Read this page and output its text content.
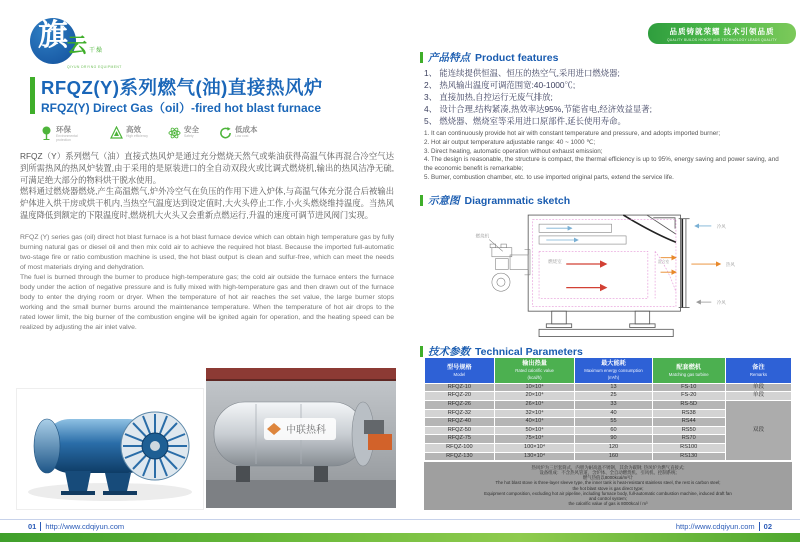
旗 云 干燥
QIYUN DRYING EQUIPMENT
品质铸就荣耀 技术引领品质
QUALITY BUILDS HONOR AND TECHNOLOGY LEADS QUALITY
RFQZ(Y)系列燃气(油)直接热风炉
RFQZ(Y) Direct Gas（oil）-fired hot blast furnace
环保
Environmental protection
高效
High efficiency
安全
Safety
低成本
Low cost

RFQZ（Y）系列燃气（油）直接式热风炉是通过充分燃烧天然气或柴油获得高温气体再混合冷空气达到所需热风的热风炉装置,由于采用的是原装进口的全自动双段火或比调式燃烧机,输出的热风洁净无硫,可满足绝大部分的物料烘干脱水使用。

燃料通过燃烧器燃烧,产生高温燃气,炉外冷空气在负压的作用下进入炉体,与高温气体充分混合后被输出炉体进入烘干房或烘干机内,当热空气温度达到设定值时,大火头停止工作,小火头燃烧维持温度。当热风温度降低到额定的下限温度时,燃烧机大火头又会重新点燃运行,升温的速度可调节进风阀门实现。

RFQZ (Y) series gas (oil) direct hot blast furnace is a hot blast furnace device which can obtain high temperature gas by fully burning natural gas or diesel oil and then mix cold air to achieve the required hot blast. Because the imported full-automatic two-stage fire or ratio combustion machine is used, the hot blast output is clean and sulfur-free, which can meet the needs of most materials drying and dehydration.

The fuel is burned through the burner to produce high-temperature gas; the cold air outside the furnace enters the furnace body under the action of negative pressure and is fully mixed with high-temperature gas and then drawn out of the furnace body to enter the drying room or dryer. When the temperature of hot air reaches the set value, the large burner stops working and the small burner burns around the maintenance temperature. When the temperature of hot air drops to the rated lower limit, the big burner of the combustion engine will be ignited again for operation, and the heating speed can be realized by adjusting the air inlet valve.

中联热科
产品特点 Product features
1、 能连续提供恒温、恒压的热空气,采用进口燃烧器;
2、 热风输出温度可调范围宽:40-1000℃;
3、 直接加热,自控运行无废气排放;
4、 设计合理,结构紧凑,热效率达95%,节能省电,经济效益显著;
5、 燃烧器、燃烧室等采用进口原部件,延长使用寿命。
1. It can continuously provide hot air with constant temperature and pressure, and adopts imported burner;
2. Hot air output temperature adjustable range: 40 ~ 1000 ℃;
3. Direct heating, automatic operation without exhaust emission;
4. The design is reasonable, the structure is compact, the thermal efficiency is up to 95%, energy saving and power saving, and the economic benefit is remarkable;
5. Burner, combustion chamber, etc. to use imported original parts, extend the service life.
示意图 Diagrammatic sketch
燃烧机
燃烧室	混合室
冷风
热风
冷风
技术参数 Technical Parameters
型号规格
Model

输出热量
Rated calorific value
(kcal/h)

最大能耗
Maximum energy consumption
(m³/h)

配套燃机
Matching gas turbine

备注
Remarks

RFQZ-10	10×10⁴	13	FS-10	单段
RFQZ-20	20×10⁴	25	FS-20	单段
RFQZ-26	26×10⁴	33	RS-5D	双段
RFQZ-32	32×10⁴	40	RS38	
RFQZ-40	40×10⁴	55	RS44	
RFQZ-50	50×10⁴	60	RS50	
RFQZ-75	75×10⁴	90	RS70	
RFQZ-100	100×10⁴	120	RS100	
RFQZ-130	130×10⁴	160	RS130	
热风炉为三层套筒式，内胆为耐高温不锈钢，其余为碳钢; 热风炉为燃气直接式;
设备组成：不含热风管道，含炉体、全自动燃烧机、引风机、控制系统;
燃气热值以8000kcal/m³计
The hot blast stove is three-layer sleeve type, the inner tank is heat-resistant stainless steel, the rest is carbon steel;
the hot blast stove is gas direct type;
Equipment composition, excluding hot air pipeline, including furnace body, full-automatic combustion machine, induced draft fan
and control system;
the calorific value of gas is 8000kcal / m³
01 http://www.cdqiyun.com	http://www.cdqiyun.com 02
